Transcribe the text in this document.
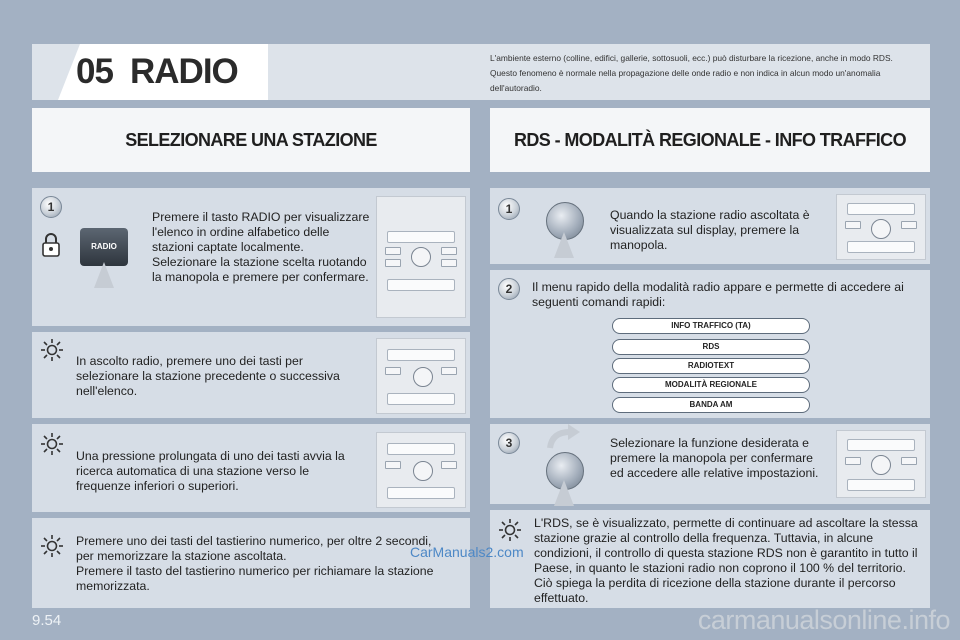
05 RADIO	L'ambiente esterno (colline, edifici, gallerie, sottosuoli, ecc.) può disturbare la ricezione, anche in modo RDS. Questo fenomeno è normale nella propagazione delle onde radio e non indica in alcun modo un'anomalia dell'autoradio.
SELEZIONARE UNA STAZIONE	RDS - MODALITÀ REGIONALE - INFO TRAFFICO
1
RADIO
Premere il tasto RADIO per visualizzare l'elenco in ordine alfabetico delle stazioni captate localmente.
Selezionare la stazione scelta ruotando la manopola e premere per confermare.
In ascolto radio, premere uno dei tasti per selezionare la stazione precedente o successiva nell'elenco.
Una pressione prolungata di uno dei tasti avvia la ricerca automatica di una stazione verso le frequenze inferiori o superiori.
Premere uno dei tasti del tastierino numerico, per oltre 2 secondi, per memorizzare la stazione ascoltata.
Premere il tasto del tastierino numerico per richiamare la stazione memorizzata.
1	Quando la stazione radio ascoltata è visualizzata sul display, premere la manopola.
2	Il menu rapido della modalità radio appare e permette di accedere ai seguenti comandi rapidi:
INFO TRAFFICO (TA)
RDS
RADIOTEXT
MODALITÀ REGIONALE
BANDA AM
3	Selezionare la funzione desiderata e premere la manopola per confermare ed accedere alle relative impostazioni.
L'RDS, se è visualizzato, permette di continuare ad ascoltare la stessa stazione grazie al controllo della frequenza. Tuttavia, in alcune condizioni, il controllo di questa stazione RDS non è garantito in tutto il Paese, in quanto le stazioni radio non coprono il 100 % del territorio. Ciò spiega la perdita di ricezione della stazione durante il percorso effettuato.
9.54
CarManuals2.com
carmanualsonline.info
